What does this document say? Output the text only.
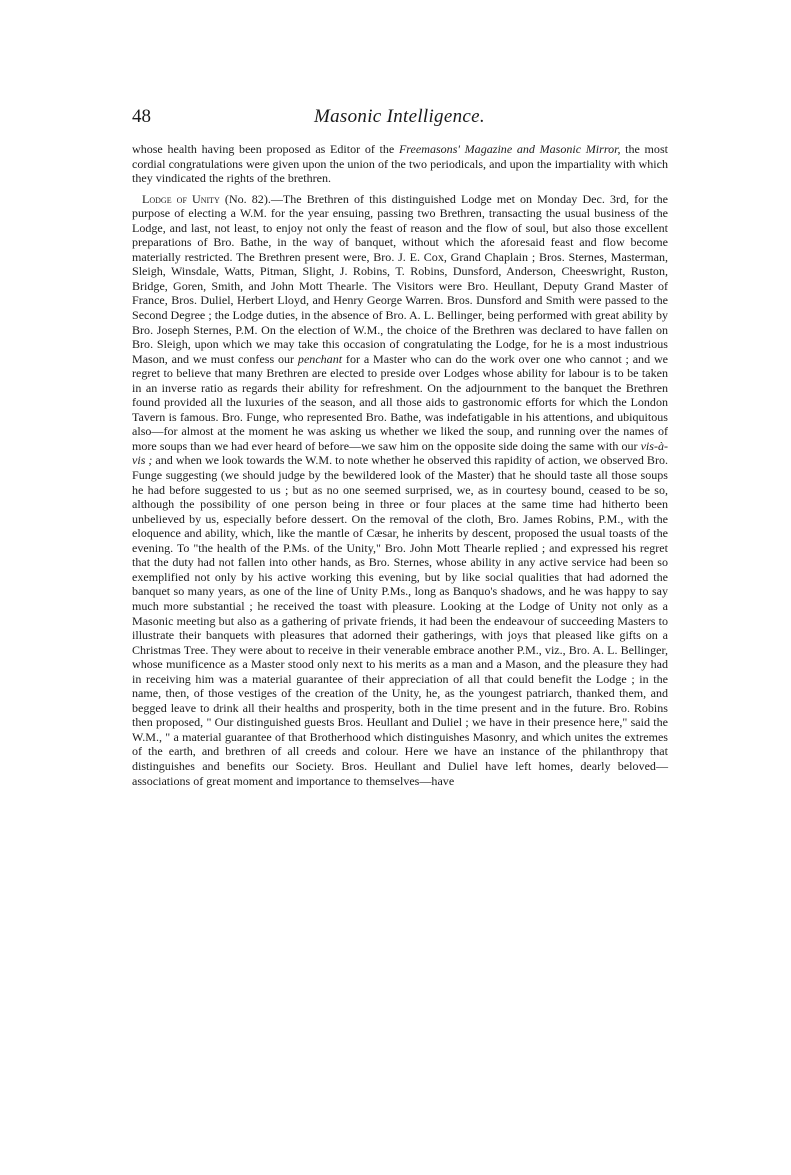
48	Masonic Intelligence.

whose health having been proposed as Editor of the Freemasons' Magazine and Masonic Mirror, the most cordial congratulations were given upon the union of the two periodicals, and upon the impartiality with which they vindicated the rights of the brethren.

Lodge of Unity (No. 82).—The Brethren of this distinguished Lodge met on Monday Dec. 3rd, for the purpose of electing a W.M. for the year ensuing, passing two Brethren, transacting the usual business of the Lodge, and last, not least, to enjoy not only the feast of reason and the flow of soul, but also those excellent preparations of Bro. Bathe, in the way of banquet, without which the aforesaid feast and flow become materially restricted. The Brethren present were, Bro. J. E. Cox, Grand Chaplain ; Bros. Sternes, Masterman, Sleigh, Winsdale, Watts, Pitman, Slight, J. Robins, T. Robins, Dunsford, Anderson, Cheeswright, Ruston, Bridge, Goren, Smith, and John Mott Thearle. The Visitors were Bro. Heullant, Deputy Grand Master of France, Bros. Duliel, Herbert Lloyd, and Henry George Warren. Bros. Dunsford and Smith were passed to the Second Degree ; the Lodge duties, in the absence of Bro. A. L. Bellinger, being performed with great ability by Bro. Joseph Sternes, P.M. On the election of W.M., the choice of the Brethren was declared to have fallen on Bro. Sleigh, upon which we may take this occasion of congratulating the Lodge, for he is a most industrious Mason, and we must confess our penchant for a Master who can do the work over one who cannot ; and we regret to believe that many Brethren are elected to preside over Lodges whose ability for labour is to be taken in an inverse ratio as regards their ability for refreshment. On the adjournment to the banquet the Brethren found provided all the luxuries of the season, and all those aids to gastronomic efforts for which the London Tavern is famous. Bro. Funge, who represented Bro. Bathe, was indefatigable in his attentions, and ubiquitous also—for almost at the moment he was asking us whether we liked the soup, and running over the names of more soups than we had ever heard of before—we saw him on the opposite side doing the same with our vis-à-vis ; and when we look towards the W.M. to note whether he observed this rapidity of action, we observed Bro. Funge suggesting (we should judge by the bewildered look of the Master) that he should taste all those soups he had before suggested to us ; but as no one seemed surprised, we, as in courtesy bound, ceased to be so, although the possibility of one person being in three or four places at the same time had hitherto been unbelieved by us, especially before dessert. On the removal of the cloth, Bro. James Robins, P.M., with the eloquence and ability, which, like the mantle of Cæsar, he inherits by descent, proposed the usual toasts of the evening. To "the health of the P.Ms. of the Unity," Bro. John Mott Thearle replied ; and expressed his regret that the duty had not fallen into other hands, as Bro. Sternes, whose ability in any active service had been so exemplified not only by his active working this evening, but by like social qualities that had adorned the banquet so many years, as one of the line of Unity P.Ms., long as Banquo's shadows, and he was happy to say much more substantial ; he received the toast with pleasure. Looking at the Lodge of Unity not only as a Masonic meeting but also as a gathering of private friends, it had been the endeavour of succeeding Masters to illustrate their banquets with pleasures that adorned their gatherings, with joys that pleased like gifts on a Christmas Tree. They were about to receive in their venerable embrace another P.M., viz., Bro. A. L. Bellinger, whose munificence as a Master stood only next to his merits as a man and a Mason, and the pleasure they had in receiving him was a material guarantee of their appreciation of all that could benefit the Lodge ; in the name, then, of those vestiges of the creation of the Unity, he, as the youngest patriarch, thanked them, and begged leave to drink all their healths and prosperity, both in the time present and in the future. Bro. Robins then proposed, " Our distinguished guests Bros. Heullant and Duliel ; we have in their presence here," said the W.M., " a material guarantee of that Brotherhood which distinguishes Masonry, and which unites the extremes of the earth, and brethren of all creeds and colour. Here we have an instance of the philanthropy that distinguishes and benefits our Society. Bros. Heullant and Duliel have left homes, dearly beloved—associations of great moment and importance to themselves—have
